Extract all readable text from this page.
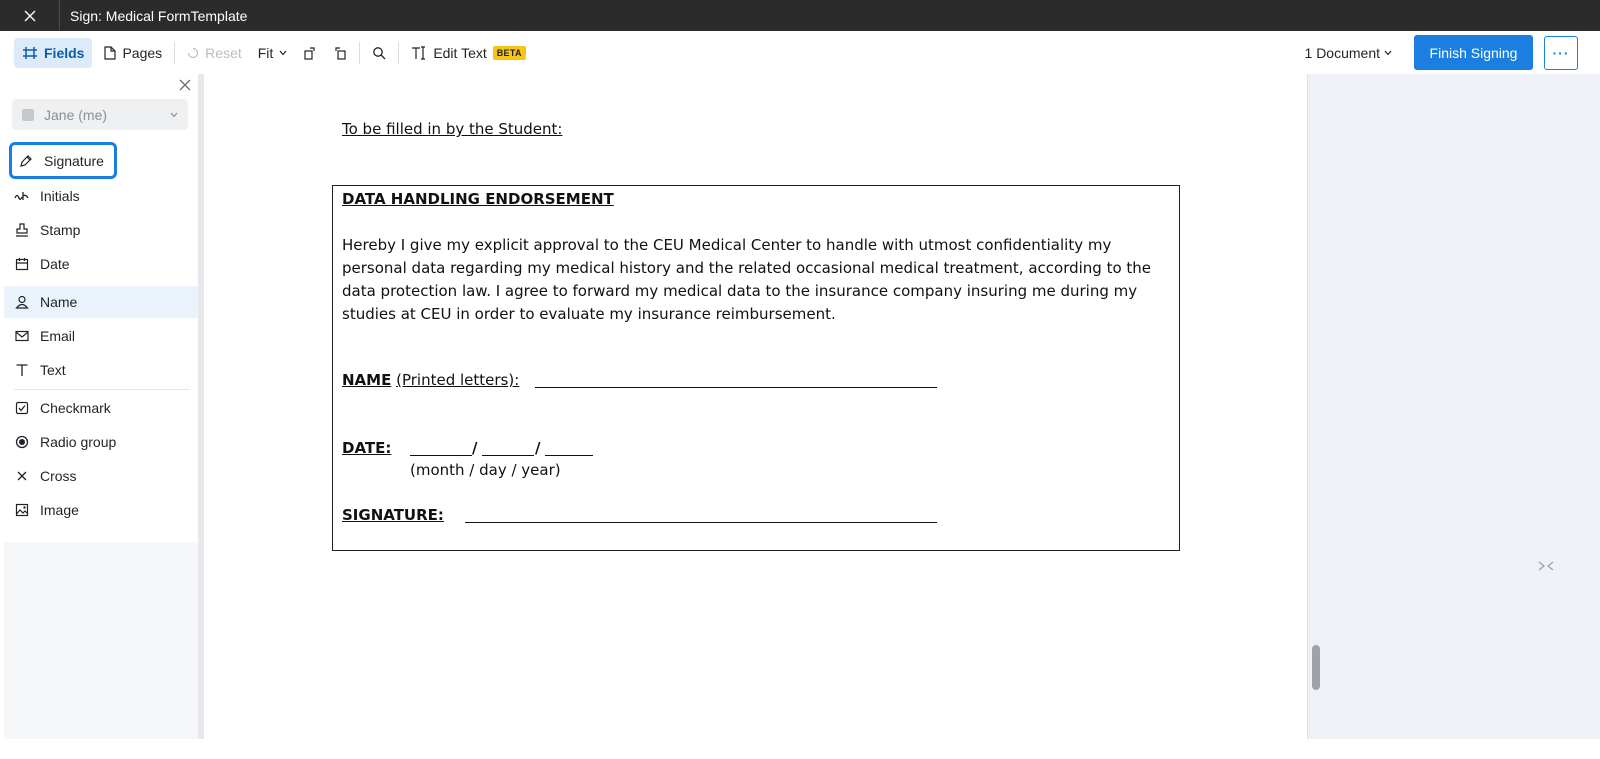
Sign: Medical FormTemplate
Fields	Pages	Reset Fit	Edit Text	BETA	1 Document	Finish Signing	···
Jane (me)
Signature
Initials
Stamp
Date
Name
Email
Text
Checkmark
Radio group
Cross
Image
To be filled in by the Student:
DATA HANDLING ENDORSEMENT
Hereby I give my explicit approval to the CEU Medical Center to handle with utmost confidentiality my personal data regarding my medical history and the related occasional medical treatment, according to the data protection law. I agree to forward my medical data to the insurance company insuring me during my studies at CEU in order to evaluate my insurance reimbursement.
NAME (Printed letters):
DATE:	/	/
(month / day / year)
SIGNATURE:
